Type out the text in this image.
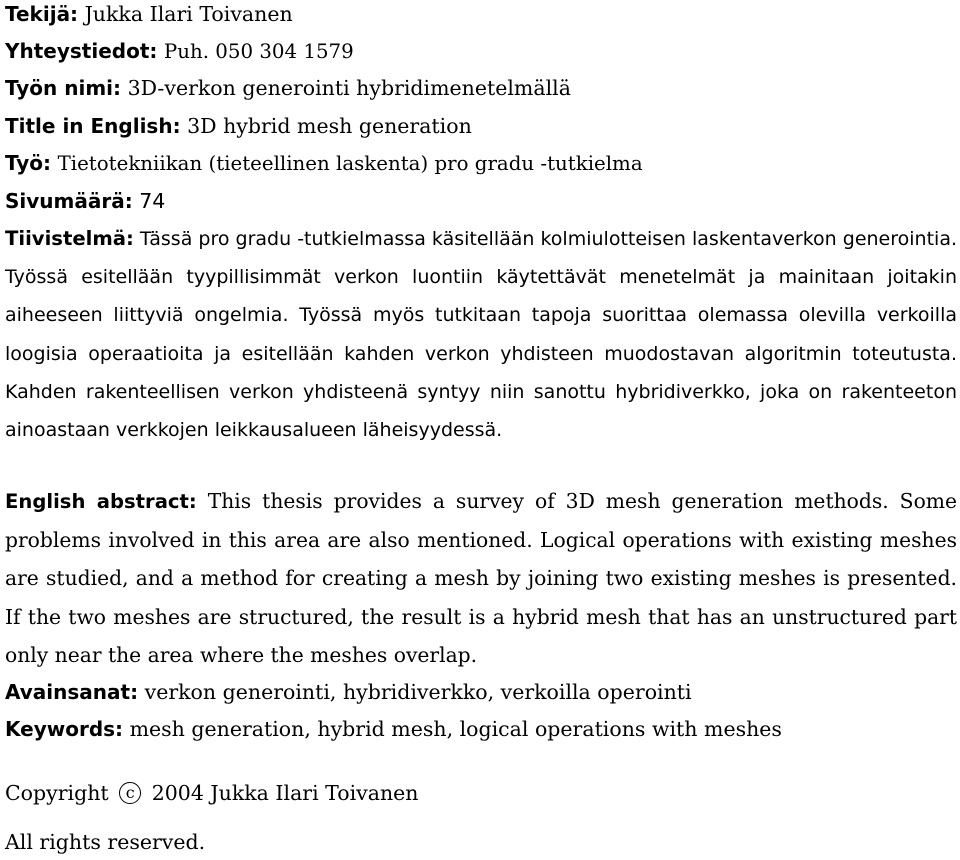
Tekijä: Jukka Ilari Toivanen
Yhteystiedot: Puh. 050 304 1579
Työn nimi: 3D-verkon generointi hybridimenetelmällä
Title in English: 3D hybrid mesh generation
Työ: Tietotekniikan (tieteellinen laskenta) pro gradu -tutkielma
Sivumäärä: 74
Tiivistelmä: Tässä pro gradu -tutkielmassa käsitellään kolmiulotteisen laskentaverkon generointia. Työssä esitellään tyypillisimmät verkon luontiin käytettävät menetelmät ja mainitaan joitakin aiheeseen liittyviä ongelmia. Työssä myös tutkitaan tapoja suorittaa olemassa olevilla verkoilla loogisia operaatioita ja esitellään kahden verkon yhdisteen muodostavan algoritmin toteutusta. Kahden rakenteellisen verkon yhdisteenä syntyy niin sanottu hybridiverkko, joka on rakenteeton ainoastaan verkkojen leikkausalueen läheisyydessä.
English abstract: This thesis provides a survey of 3D mesh generation methods. Some problems involved in this area are also mentioned. Logical operations with existing meshes are studied, and a method for creating a mesh by joining two existing meshes is presented. If the two meshes are structured, the result is a hybrid mesh that has an unstructured part only near the area where the meshes overlap.
Avainsanat: verkon generointi, hybridiverkko, verkoilla operointi
Keywords: mesh generation, hybrid mesh, logical operations with meshes
Copyright c 2004 Jukka Ilari Toivanen
All rights reserved.
